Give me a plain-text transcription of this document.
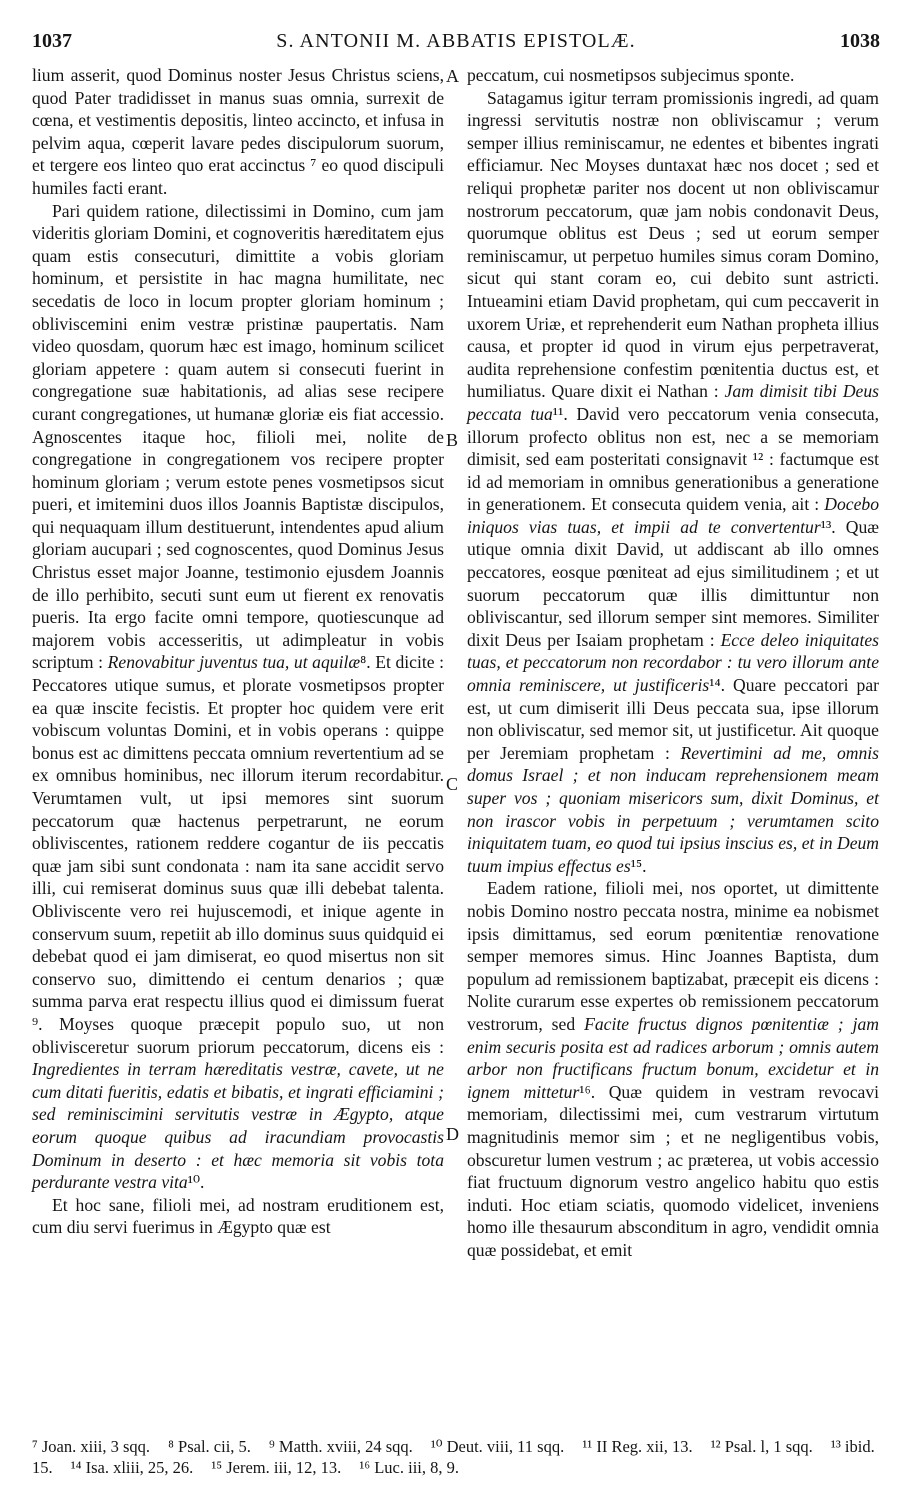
1037	S. ANTONII M. ABBATIS EPISTOLÆ.	1038

lium asserit, quod Dominus noster Jesus Christus sciens, quod Pater tradidisset in manus suas omnia, surrexit de cœna, et vestimentis depositis, linteo accincto, et infusa in pelvim aqua, cœperit lavare pedes discipulorum suorum, et tergere eos linteo quo erat accinctus ⁷ eo quod discipuli humiles facti erant.

Pari quidem ratione, dilectissimi in Domino, cum jam videritis gloriam Domini, et cognoveritis hæreditatem ejus quam estis consecuturi, dimittite a vobis gloriam hominum, et persistite in hac magna humilitate, nec secedatis de loco in locum propter gloriam hominum ; obliviscemini enim vestræ pristinæ paupertatis. Nam video quosdam, quorum hæc est imago, hominum scilicet gloriam appetere : quam autem si consecuti fuerint in congregatione suæ habitationis, ad alias sese recipere curant congregationes, ut humanæ gloriæ eis fiat accessio. Agnoscentes itaque hoc, filioli mei, nolite de congregatione in congregationem vos recipere propter hominum gloriam ; verum estote penes vosmetipsos sicut pueri, et imitemini duos illos Joannis Baptistæ discipulos, qui nequaquam illum destituerunt, intendentes apud alium gloriam aucupari ; sed cognoscentes, quod Dominus Jesus Christus esset major Joanne, testimonio ejusdem Joannis de illo perhibito, secuti sunt eum ut fierent ex renovatis pueris. Ita ergo facite omni tempore, quotiescunque ad majorem vobis accesseritis, ut adimpleatur in vobis scriptum : Renovabitur juventus tua, ut aquilæ⁸. Et dicite : Peccatores utique sumus, et plorate vosmetipsos propter ea quæ inscite fecistis. Et propter hoc quidem vere erit vobiscum voluntas Domini, et in vobis operans : quippe bonus est ac dimittens peccata omnium revertentium ad se ex omnibus hominibus, nec illorum iterum recordabitur. Verumtamen vult, ut ipsi memores sint suorum peccatorum quæ hactenus perpetrarunt, ne eorum obliviscentes, rationem reddere cogantur de iis peccatis quæ jam sibi sunt condonata : nam ita sane accidit servo illi, cui remiserat dominus suus quæ illi debebat talenta. Obliviscente vero rei hujuscemodi, et inique agente in conservum suum, repetiit ab illo dominus suus quidquid ei debebat quod ei jam dimiserat, eo quod misertus non sit conservo suo, dimittendo ei centum denarios ; quæ summa parva erat respectu illius quod ei dimissum fuerat ⁹. Moyses quoque præcepit populo suo, ut non oblivisceretur suorum priorum peccatorum, dicens eis : Ingredientes in terram hæreditatis vestræ, cavete, ut ne cum ditati fueritis, edatis et bibatis, et ingrati efficiamini ; sed reminiscimini servitutis vestræ in Ægypto, atque eorum quoque quibus ad iracundiam provocastis Dominum in deserto : et hæc memoria sit vobis tota perdurante vestra vita¹⁰.

Et hoc sane, filioli mei, ad nostram eruditionem est, cum diu servi fuerimus in Ægypto quæ est

A
B
C
D

peccatum, cui nosmetipsos subjecimus sponte.

Satagamus igitur terram promissionis ingredi, ad quam ingressi servitutis nostræ non obliviscamur ; verum semper illius reminiscamur, ne edentes et bibentes ingrati efficiamur. Nec Moyses duntaxat hæc nos docet ; sed et reliqui prophetæ pariter nos docent ut non obliviscamur nostrorum peccatorum, quæ jam nobis condonavit Deus, quorumque oblitus est Deus ; sed ut eorum semper reminiscamur, ut perpetuo humiles simus coram Domino, sicut qui stant coram eo, cui debito sunt astricti. Intueamini etiam David prophetam, qui cum peccaverit in uxorem Uriæ, et reprehenderit eum Nathan propheta illius causa, et propter id quod in virum ejus perpetraverat, audita reprehensione confestim pœnitentia ductus est, et humiliatus. Quare dixit ei Nathan : Jam dimisit tibi Deus peccata tua¹¹. David vero peccatorum venia consecuta, illorum profecto oblitus non est, nec a se memoriam dimisit, sed eam posteritati consignavit ¹² : factumque est id ad memoriam in omnibus generationibus a generatione in generationem. Et consecuta quidem venia, ait : Docebo iniquos vias tuas, et impii ad te convertentur¹³. Quæ utique omnia dixit David, ut addiscant ab illo omnes peccatores, eosque pœniteat ad ejus similitudinem ; et ut suorum peccatorum quæ illis dimittuntur non obliviscantur, sed illorum semper sint memores. Similiter dixit Deus per Isaiam prophetam : Ecce deleo iniquitates tuas, et peccatorum non recordabor : tu vero illorum ante omnia reminiscere, ut justificeris¹⁴. Quare peccatori par est, ut cum dimiserit illi Deus peccata sua, ipse illorum non obliviscatur, sed memor sit, ut justificetur. Ait quoque per Jeremiam prophetam : Revertimini ad me, omnis domus Israel ; et non inducam reprehensionem meam super vos ; quoniam misericors sum, dixit Dominus, et non irascor vobis in perpetuum ; verumtamen scito iniquitatem tuam, eo quod tui ipsius inscius es, et in Deum tuum impius effectus es¹⁵.

Eadem ratione, filioli mei, nos oportet, ut dimittente nobis Domino nostro peccata nostra, minime ea nobismet ipsis dimittamus, sed eorum pœnitentiæ renovatione semper memores simus. Hinc Joannes Baptista, dum populum ad remissionem baptizabat, præcepit eis dicens : Nolite curarum esse expertes ob remissionem peccatorum vestrorum, sed Facite fructus dignos pœnitentiæ ; jam enim securis posita est ad radices arborum ; omnis autem arbor non fructificans fructum bonum, excidetur et in ignem mittetur¹⁶. Quæ quidem in vestram revocavi memoriam, dilectissimi mei, cum vestrarum virtutum magnitudinis memor sim ; et ne negligentibus vobis, obscuretur lumen vestrum ; ac præterea, ut vobis accessio fiat fructuum dignorum vestro angelico habitu quo estis induti. Hoc etiam sciatis, quomodo videlicet, inveniens homo ille thesaurum absconditum in agro, vendidit omnia quæ possidebat, et emit

⁷ Joan. xiii, 3 sqq. ⁸ Psal. cii, 5. ⁹ Matth. xviii, 24 sqq. ¹⁰ Deut. viii, 11 sqq. ¹¹ II Reg. xii, 13. ¹² Psal. l, 1 sqq. ¹³ ibid. 15. ¹⁴ Isa. xliii, 25, 26. ¹⁵ Jerem. iii, 12, 13. ¹⁶ Luc. iii, 8, 9.
